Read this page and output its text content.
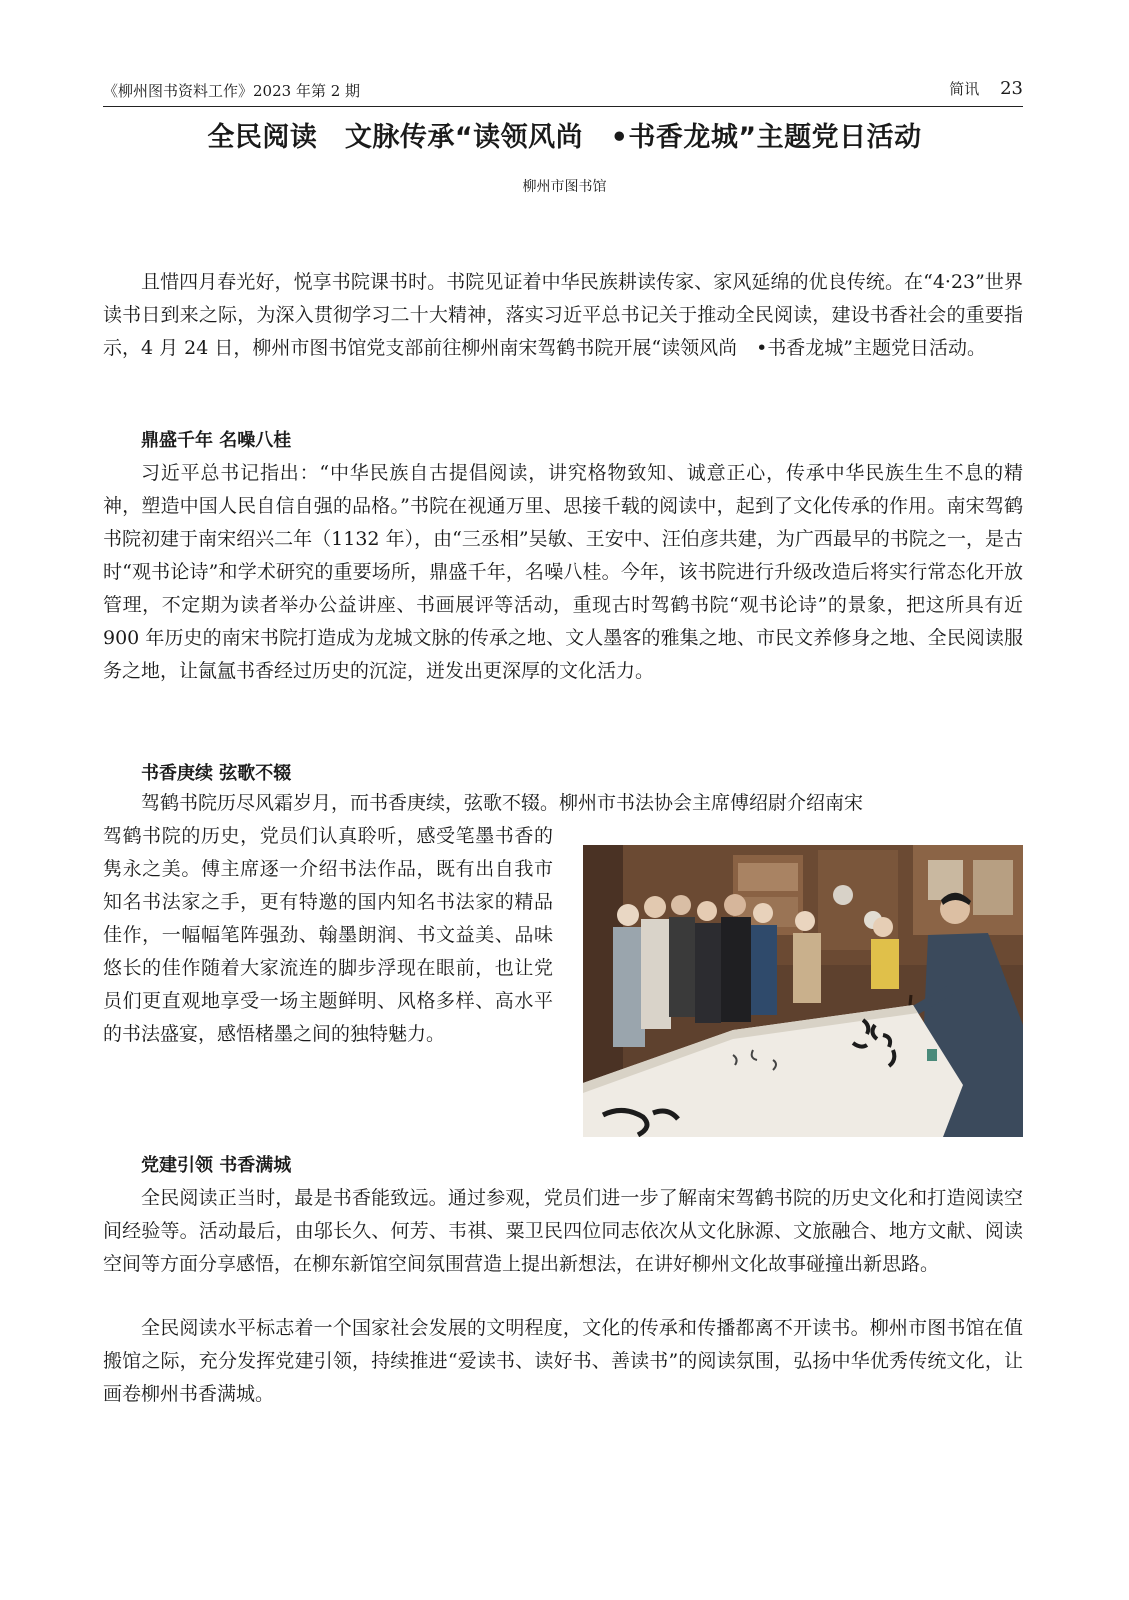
《柳州图书资料工作》2023 年第 2 期	简讯 23
全民阅读　文脉传承“读领风尚　•书香龙城”主题党日活动
柳州市图书馆

且惜四月春光好，悦享书院课书时。书院见证着中华民族耕读传家、家风延绵的优良传统。在“4·23”世界读书日到来之际，为深入贯彻学习二十大精神，落实习近平总书记关于推动全民阅读，建设书香社会的重要指示，4 月 24 日，柳州市图书馆党支部前往柳州南宋驾鹤书院开展“读领风尚　•书香龙城”主题党日活动。

鼎盛千年 名噪八桂

习近平总书记指出：“中华民族自古提倡阅读，讲究格物致知、诚意正心，传承中华民族生生不息的精神，塑造中国人民自信自强的品格。”书院在视通万里、思接千载的阅读中，起到了文化传承的作用。南宋驾鹤书院初建于南宋绍兴二年（1132 年），由“三丞相”吴敏、王安中、汪伯彦共建，为广西最早的书院之一，是古时“观书论诗”和学术研究的重要场所，鼎盛千年，名噪八桂。今年，该书院进行升级改造后将实行常态化开放管理，不定期为读者举办公益讲座、书画展评等活动，重现古时驾鹤书院“观书论诗”的景象，把这所具有近 900 年历史的南宋书院打造成为龙城文脉的传承之地、文人墨客的雅集之地、市民文养修身之地、全民阅读服务之地，让氤氲书香经过历史的沉淀，迸发出更深厚的文化活力。

书香庚续 弦歌不辍

驾鹤书院历尽风霜岁月，而书香庚续，弦歌不辍。柳州市书法协会主席傅绍尉介绍南宋

驾鹤书院的历史，党员们认真聆听，感受笔墨书香的隽永之美。傅主席逐一介绍书法作品，既有出自我市知名书法家之手，更有特邀的国内知名书法家的精品佳作，一幅幅笔阵强劲、翰墨朗润、书文益美、品味悠长的佳作随着大家流连的脚步浮现在眼前，也让党员们更直观地享受一场主题鲜明、风格多样、高水平的书法盛宴，感悟楮墨之间的独特魅力。

党建引领 书香满城

全民阅读正当时，最是书香能致远。通过参观，党员们进一步了解南宋驾鹤书院的历史文化和打造阅读空间经验等。活动最后，由邬长久、何芳、韦祺、粟卫民四位同志依次从文化脉源、文旅融合、地方文献、阅读空间等方面分享感悟，在柳东新馆空间氛围营造上提出新想法，在讲好柳州文化故事碰撞出新思路。

全民阅读水平标志着一个国家社会发展的文明程度，文化的传承和传播都离不开读书。柳州市图书馆在值搬馆之际，充分发挥党建引领，持续推进“爱读书、读好书、善读书”的阅读氛围，弘扬中华优秀传统文化，让画卷柳州书香满城。
